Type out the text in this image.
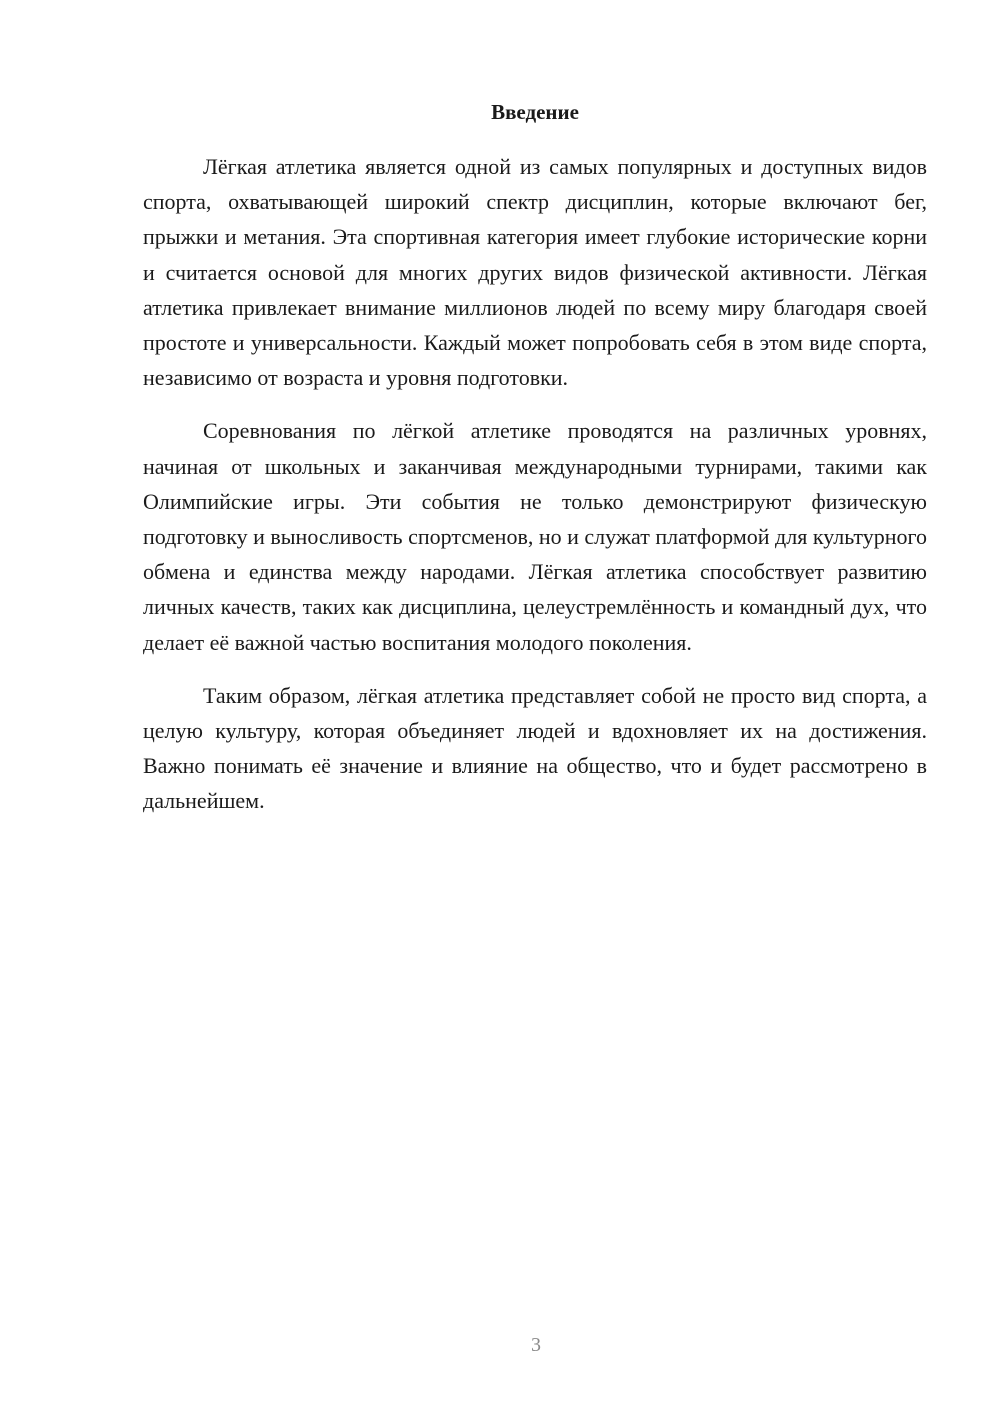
Введение

Лёгкая атлетика является одной из самых популярных и доступных видов спорта, охватывающей широкий спектр дисциплин, которые включают бег, прыжки и метания. Эта спортивная категория имеет глубокие исторические корни и считается основой для многих других видов физической активности. Лёгкая атлетика привлекает внимание миллионов людей по всему миру благодаря своей простоте и универсальности. Каждый может попробовать себя в этом виде спорта, независимо от возраста и уровня подготовки.

Соревнования по лёгкой атлетике проводятся на различных уровнях, начиная от школьных и заканчивая международными турнирами, такими как Олимпийские игры. Эти события не только демонстрируют физическую подготовку и выносливость спортсменов, но и служат платформой для культурного обмена и единства между народами. Лёгкая атлетика способствует развитию личных качеств, таких как дисциплина, целеустремлённость и командный дух, что делает её важной частью воспитания молодого поколения.

Таким образом, лёгкая атлетика представляет собой не просто вид спорта, а целую культуру, которая объединяет людей и вдохновляет их на достижения. Важно понимать её значение и влияние на общество, что и будет рассмотрено в дальнейшем.

3
